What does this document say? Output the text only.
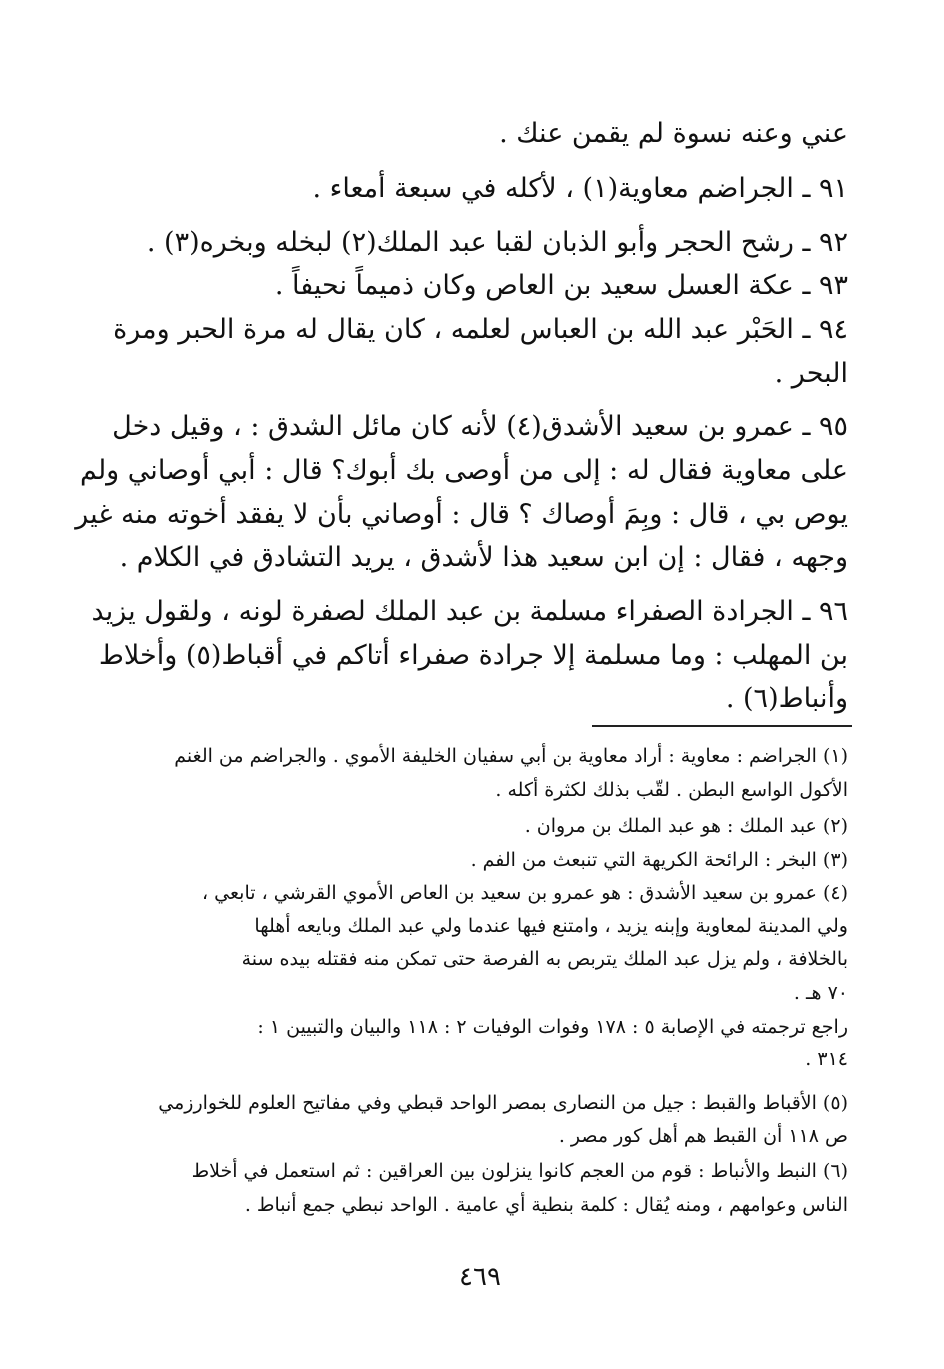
عني وعنه نسوة لم يقمن عنك .
٩١ ـ الجراضم معاوية(١) ، لأكله في سبعة أمعاء .
٩٢ ـ رشح الحجر وأبو الذبان لقبا عبد الملك(٢) لبخله وبخره(٣) .
٩٣ ـ عكة العسل سعيد بن العاص وكان ذميماً نحيفاً .
٩٤ ـ الحَبْر عبد الله بن العباس لعلمه ، كان يقال له مرة الحبر ومرة
البحر .
٩٥ ـ عمرو بن سعيد الأشدق(٤) لأنه كان مائل الشدق : ، وقيل دخل
على معاوية فقال له : إلى من أوصى بك أبوك؟ قال : أبي أوصاني ولم
يوص بي ، قال : وبِمَ أوصاك ؟ قال : أوصاني بأن لا يفقد أخوته منه غير
وجهه ، فقال : إن ابن سعيد هذا لأشدق ، يريد التشادق في الكلام .
٩٦ ـ الجرادة الصفراء مسلمة بن عبد الملك لصفرة لونه ، ولقول يزيد
بن المهلب : وما مسلمة إلا جرادة صفراء أتاكم في أقباط(٥) وأخلاط
وأنباط(٦) .
(١) الجراضم : معاوية : أراد معاوية بن أبي سفيان الخليفة الأموي . والجراضم من الغنم
الأكول الواسع البطن . لقّب بذلك لكثرة أكله .
(٢) عبد الملك : هو عبد الملك بن مروان .
(٣) البخر : الرائحة الكريهة التي تنبعث من الفم .
(٤) عمرو بن سعيد الأشدق : هو عمرو بن سعيد بن العاص الأموي القرشي ، تابعي ،
ولي المدينة لمعاوية وإبنه يزيد ، وامتنع فيها عندما ولي عبد الملك وبايعه أهلها
بالخلافة ، ولم يزل عبد الملك يتربص به الفرصة حتى تمكن منه فقتله بيده سنة
٧٠ هـ .
راجع ترجمته في الإصابة ٥ : ١٧٨ وفوات الوفيات ٢ : ١١٨ والبيان والتبيين ١ :
٣١٤ .
(٥) الأقباط والقبط : جيل من النصارى بمصر الواحد قبطي وفي مفاتيح العلوم للخوارزمي
ص ١١٨ أن القبط هم أهل كور مصر .
(٦) النبط والأنباط : قوم من العجم كانوا ينزلون بين العراقين : ثم استعمل في أخلاط
الناس وعوامهم ، ومنه يُقال : كلمة بنطية أي عامية . الواحد نبطي جمع أنباط .
٤٦٩
